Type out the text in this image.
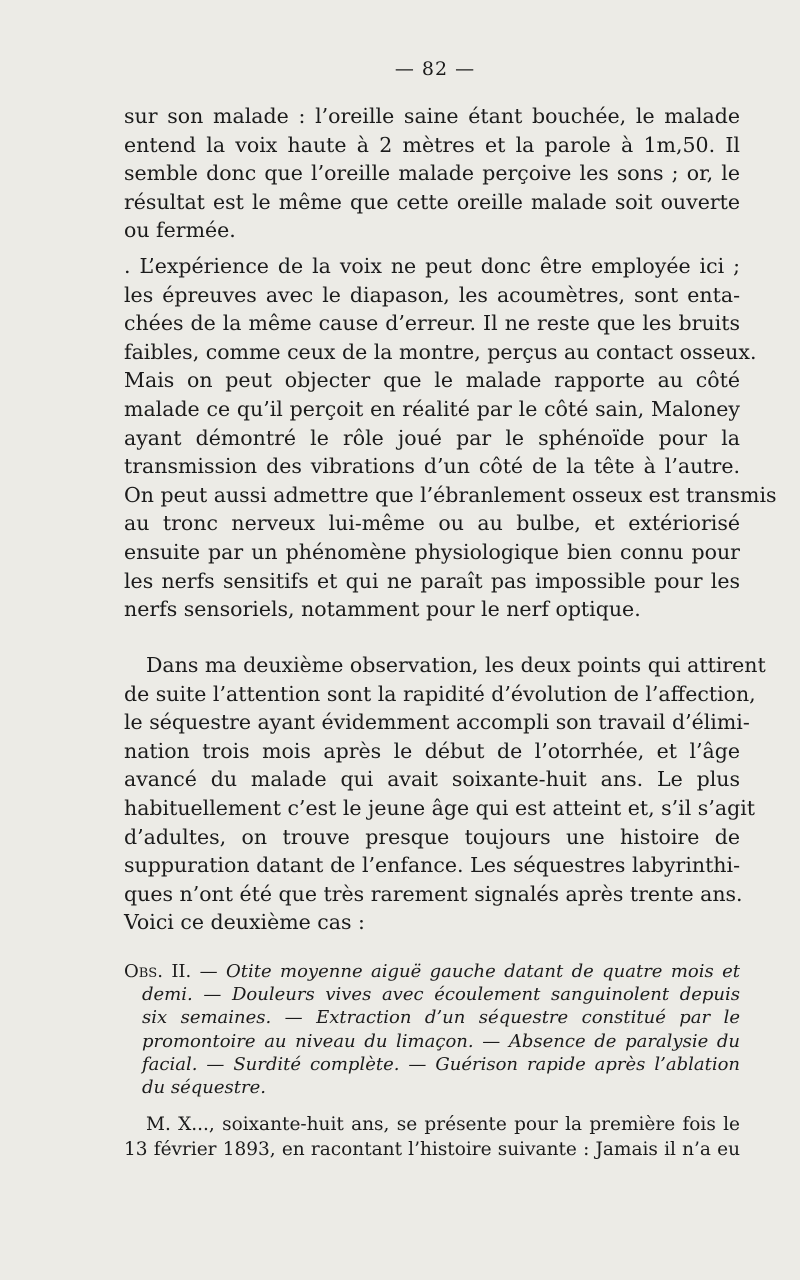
— 82 —
sur son malade : l’oreille saine étant bouchée, le malade
entend la voix haute à 2 mètres et la parole à 1m,50. Il
semble donc que l’oreille malade perçoive les sons ; or, le
résultat est le même que cette oreille malade soit ouverte
ou fermée.
. L’expérience de la voix ne peut donc être employée ici ;
les épreuves avec le diapason, les acoumètres, sont enta-
chées de la même cause d’erreur. Il ne reste que les bruits
faibles, comme ceux de la montre, perçus au contact osseux.
Mais on peut objecter que le malade rapporte au côté
malade ce qu’il perçoit en réalité par le côté sain, Maloney
ayant démontré le rôle joué par le sphénoïde pour la
transmission des vibrations d’un côté de la tête à l’autre.
On peut aussi admettre que l’ébranlement osseux est transmis
au tronc nerveux lui-même ou au bulbe, et extériorisé
ensuite par un phénomène physiologique bien connu pour
les nerfs sensitifs et qui ne paraît pas impossible pour les
nerfs sensoriels, notamment pour le nerf optique.
Dans ma deuxième observation, les deux points qui attirent
de suite l’attention sont la rapidité d’évolution de l’affection,
le séquestre ayant évidemment accompli son travail d’élimi-
nation trois mois après le début de l’otorrhée, et l’âge
avancé du malade qui avait soixante-huit ans. Le plus
habituellement c’est le jeune âge qui est atteint et, s’il s’agit
d’adultes, on trouve presque toujours une histoire de
suppuration datant de l’enfance. Les séquestres labyrinthi-
ques n’ont été que très rarement signalés après trente ans.
Voici ce deuxième cas :
Obs. II. — Otite moyenne aiguë gauche datant de quatre mois et
demi. — Douleurs vives avec écoulement sanguinolent depuis
six semaines. — Extraction d’un séquestre constitué par le
promontoire au niveau du limaçon. — Absence de paralysie du
facial. — Surdité complète. — Guérison rapide après l’ablation
du séquestre.
M. X..., soixante-huit ans, se présente pour la première fois le
13 février 1893, en racontant l’histoire suivante : Jamais il n’a eu
